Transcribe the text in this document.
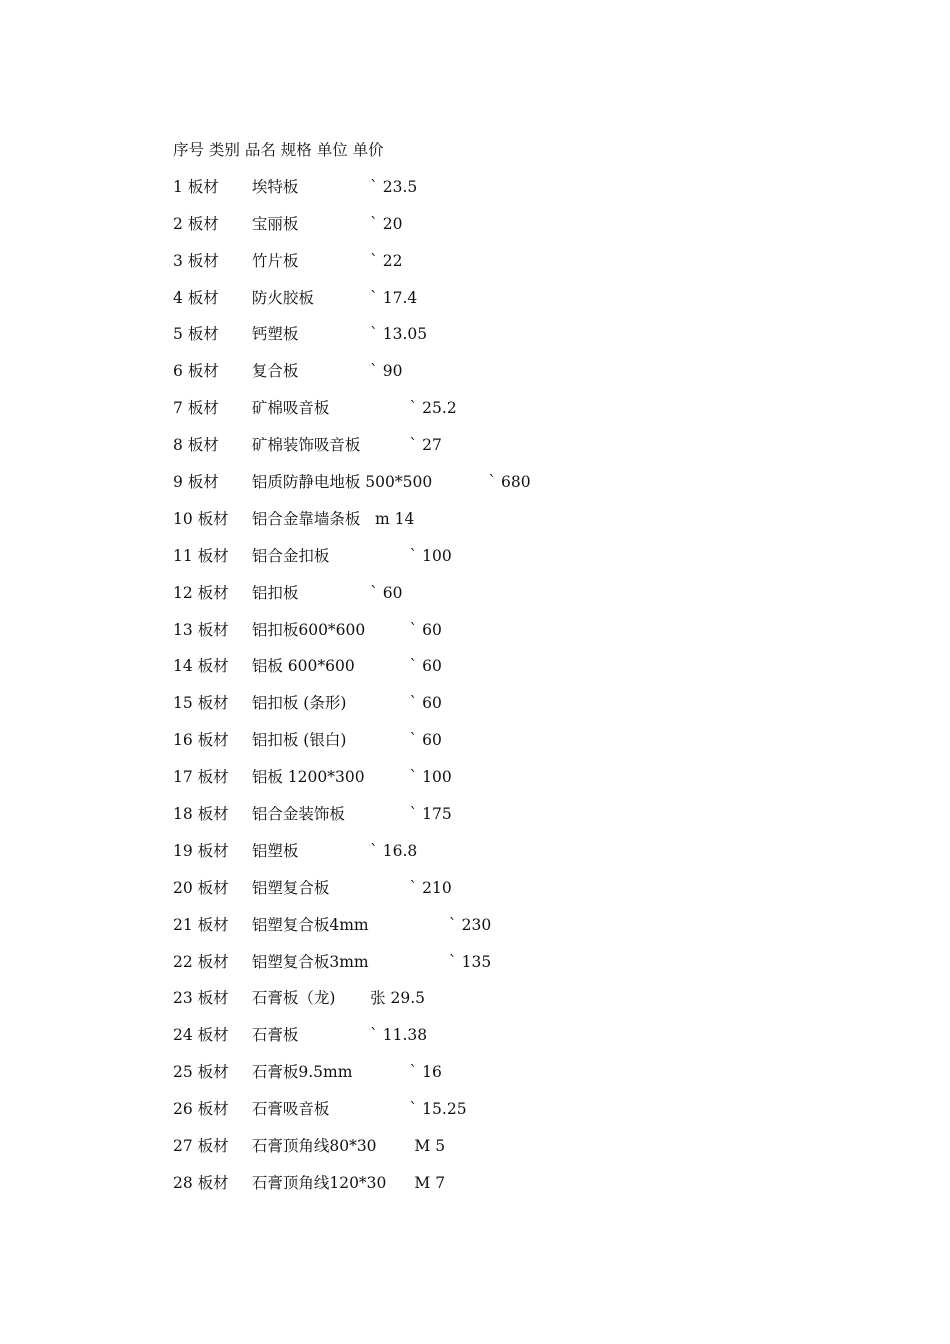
序号 类别 品名 规格 单位 单价
1 板材	埃特板		` 23.5
2 板材	宝丽板		` 20
3 板材	竹片板		` 22
4 板材	防火胶板		` 17.4
5 板材	钙塑板		` 13.05
6 板材	复合板		` 90
7 板材	矿棉吸音板		` 25.2
8 板材	矿棉装饰吸音板		` 27
9 板材	铝质防静电地板 500*500		` 680
10 板材	铝合金靠墙条板	m 14
11 板材	铝合金扣板		` 100
12 板材	铝扣板		` 60
13 板材	铝扣板600*600		` 60
14 板材	铝板 600*600		` 60
15 板材	铝扣板 (条形)		` 60
16 板材	铝扣板 (银白)		` 60
17 板材	铝板 1200*300		` 100
18 板材	铝合金装饰板		` 175
19 板材	铝塑板		` 16.8
20 板材	铝塑复合板		` 210
21 板材	铝塑复合板4mm		` 230
22 板材	铝塑复合板3mm		` 135
23 板材	石膏板（龙)	张 29.5
24 板材	石膏板		` 11.38
25 板材	石膏板9.5mm		` 16
26 板材	石膏吸音板		` 15.25
27 板材	石膏顶角线80*30	M 5
28 板材	石膏顶角线120*30	M 7
